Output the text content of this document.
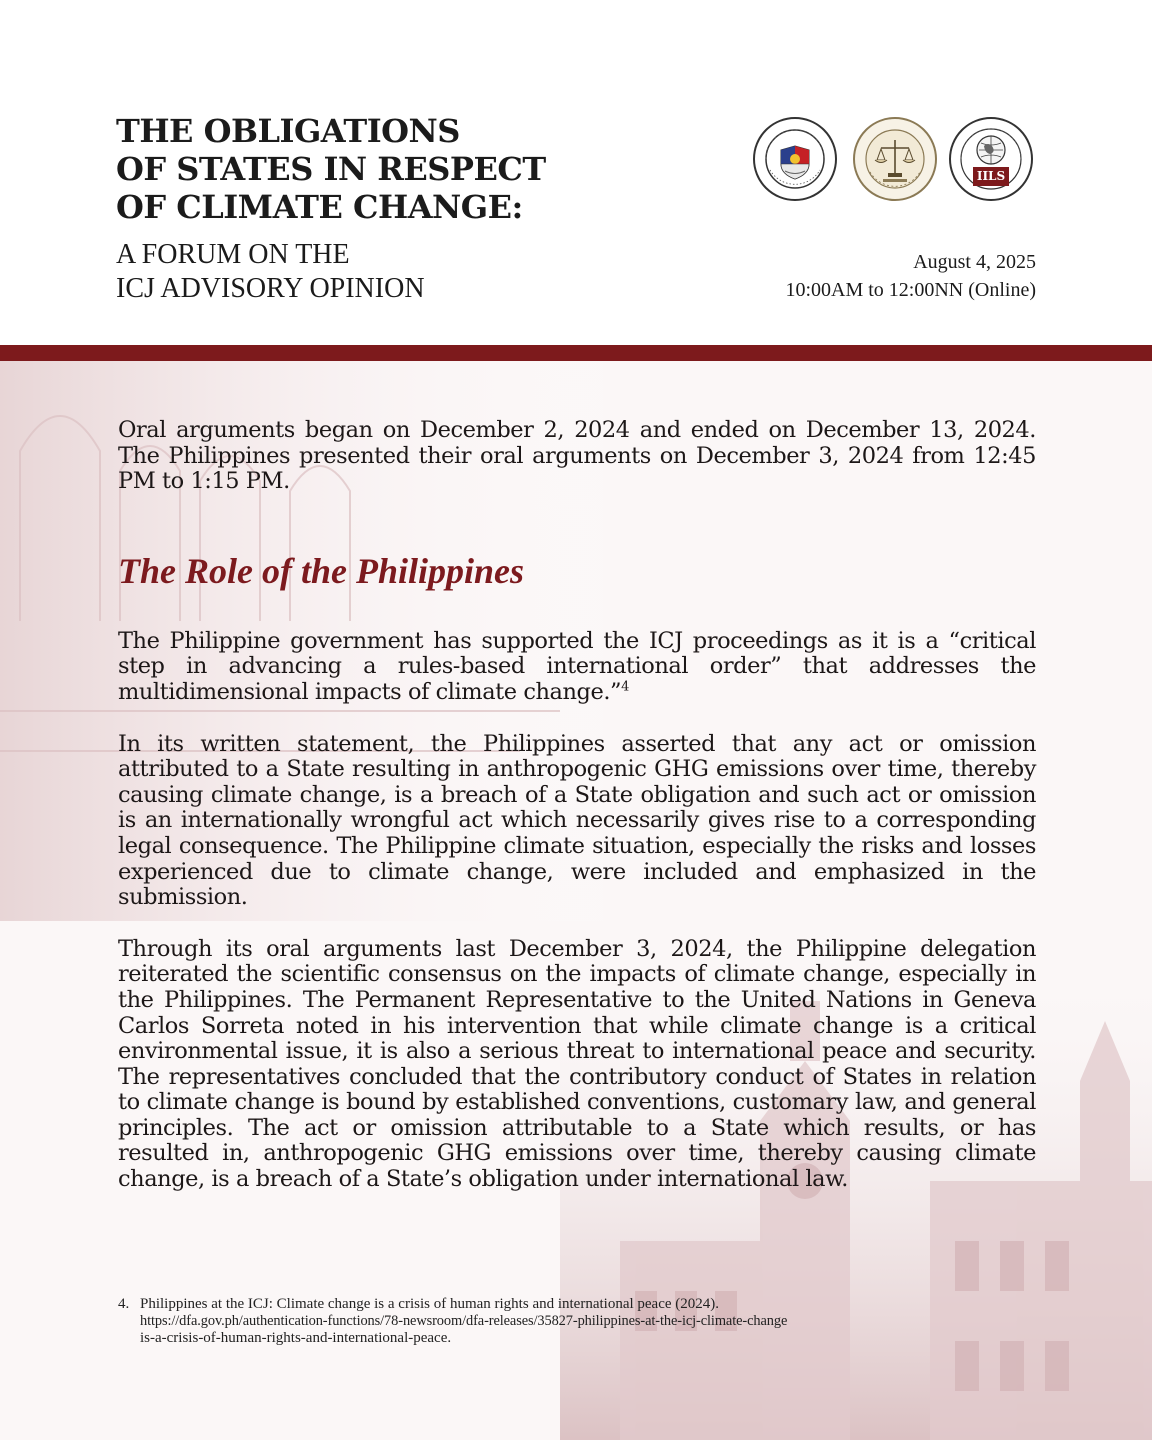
THE OBLIGATIONS
OF STATES IN RESPECT
OF CLIMATE CHANGE:
A FORUM ON THE
ICJ ADVISORY OPINION
IILS
August 4, 2025
10:00AM to 12:00NN (Online)

Oral arguments began on December 2, 2024 and ended on December 13, 2024. The Philippines presented their oral arguments on December 3, 2024 from 12:45 PM to 1:15 PM.

The Role of the Philippines

The Philippine government has supported the ICJ proceedings as it is a “critical step in advancing a rules-based international order” that addresses the multidimensional impacts of climate change.”$^4$

In its written statement, the Philippines asserted that any act or omission attributed to a State resulting in anthropogenic GHG emissions over time, thereby causing climate change, is a breach of a State obligation and such act or omission is an internationally wrongful act which necessarily gives rise to a corresponding legal consequence. The Philippine climate situation, especially the risks and losses experienced due to climate change, were included and emphasized in the submission.

Through its oral arguments last December 3, 2024, the Philippine delegation reiterated the scientific consensus on the impacts of climate change, especially in the Philippines. The Permanent Representative to the United Nations in Geneva Carlos Sorreta noted in his intervention that while climate change is a critical environmental issue, it is also a serious threat to international peace and security. The representatives concluded that the contributory conduct of States in relation to climate change is bound by established conventions, customary law, and general principles. The act or omission attributable to a State which results, or has resulted in, anthropogenic GHG emissions over time, thereby causing climate change, is a breach of a State’s obligation under international law.

4. Philippines at the ICJ: Climate change is a crisis of human rights and international peace (2024).
https://dfa.gov.ph/authentication-functions/78-newsroom/dfa-releases/35827-philippines-at-the-icj-climate-change
is-a-crisis-of-human-rights-and-international-peace.
